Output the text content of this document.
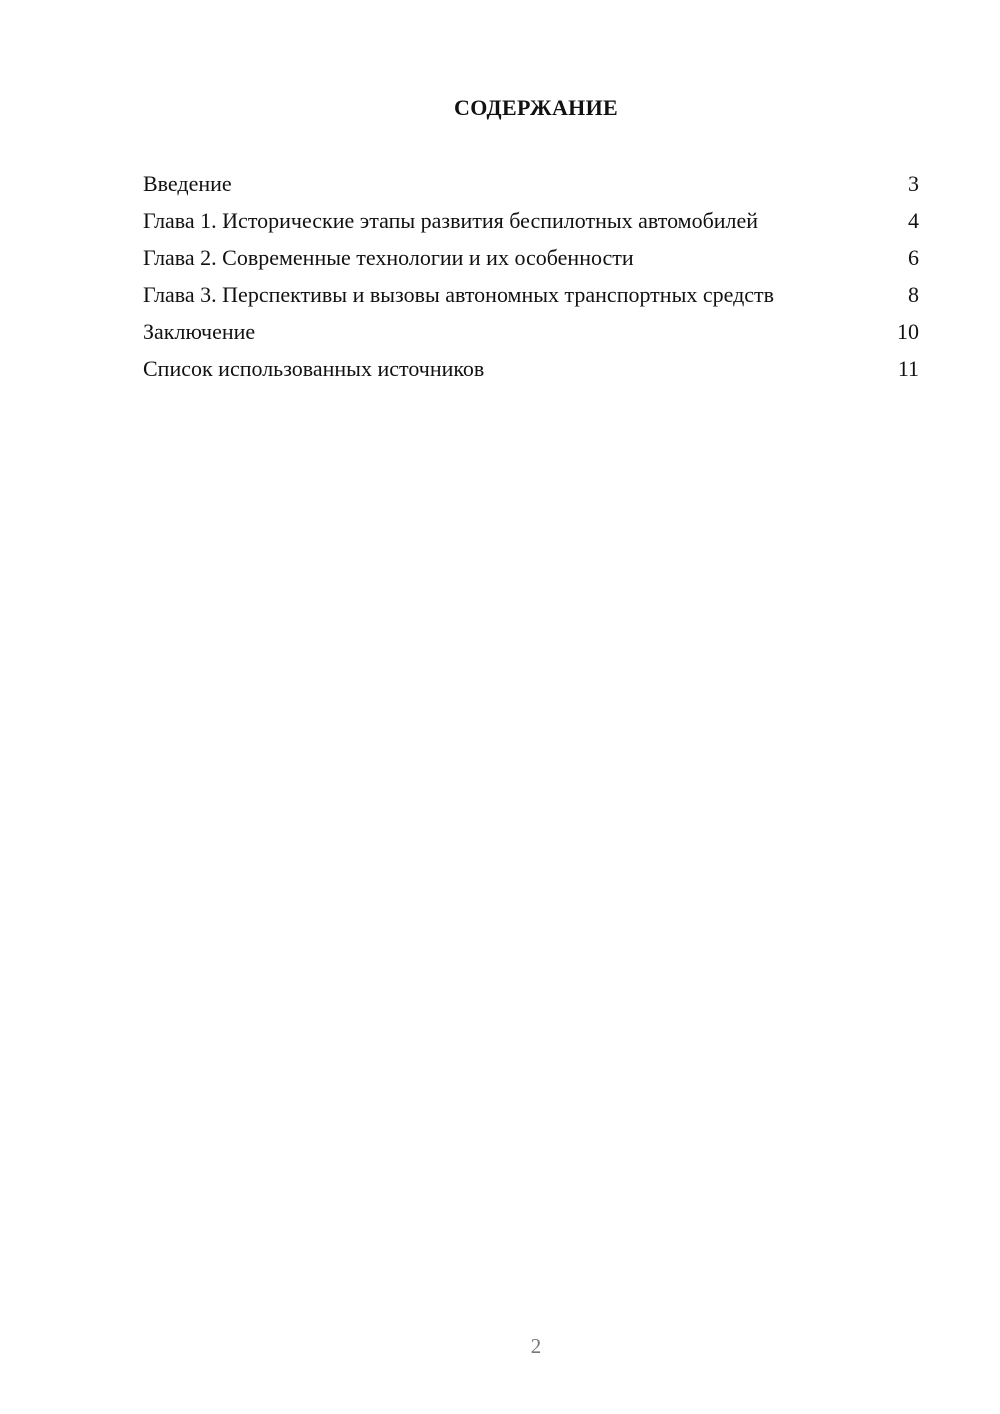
СОДЕРЖАНИЕ
Введение	3
Глава 1. Исторические этапы развития беспилотных автомобилей	4
Глава 2. Современные технологии и их особенности	6
Глава 3. Перспективы и вызовы автономных транспортных средств	8
Заключение	10
Список использованных источников	11
2
